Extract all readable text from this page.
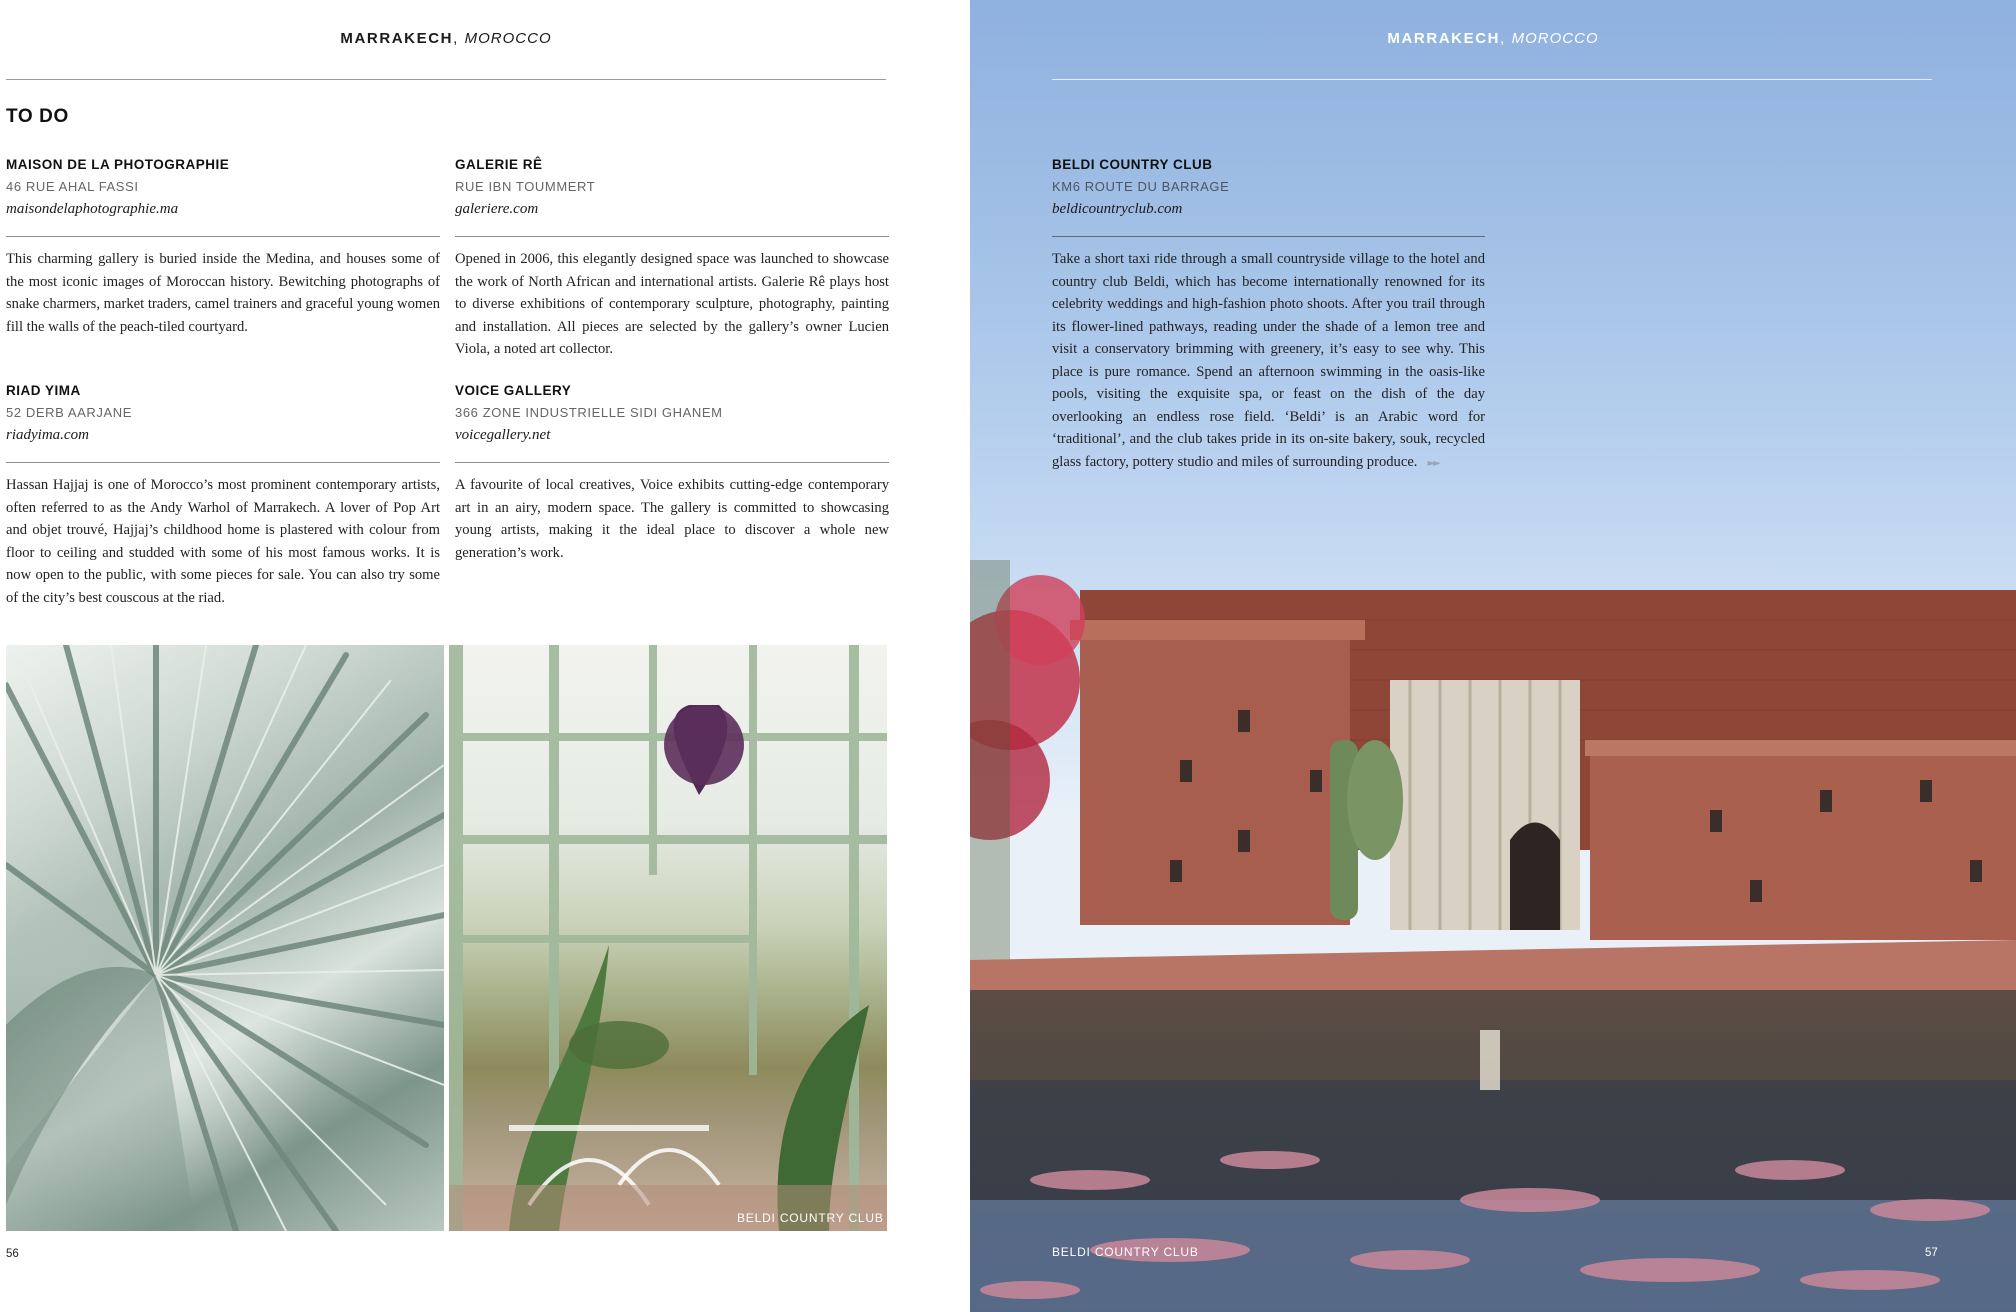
MARRAKECH, MOROCCO
TO DO
MAISON DE LA PHOTOGRAPHIE
46 RUE AHAL FASSI
maisondelaphotographie.ma

This charming gallery is buried inside the Medina, and houses some of the most iconic images of Moroccan history. Bewitching photographs of snake charmers, market traders, camel trainers and graceful young women fill the walls of the peach-tiled courtyard.

GALERIE RÊ
RUE IBN TOUMMERT
galeriere.com

Opened in 2006, this elegantly designed space was launched to showcase the work of North African and international artists. Galerie Rê plays host to diverse exhibitions of contemporary sculpture, photography, painting and installation. All pieces are selected by the gallery’s owner Lucien Viola, a noted art collector.

RIAD YIMA
52 DERB AARJANE
riadyima.com

Hassan Hajjaj is one of Morocco’s most prominent contemporary artists, often referred to as the Andy Warhol of Marrakech. A lover of Pop Art and objet trouvé, Hajjaj’s childhood home is plastered with colour from floor to ceiling and studded with some of his most famous works. It is now open to the public, with some pieces for sale. You can also try some of the city’s best couscous at the riad.

VOICE GALLERY
366 ZONE INDUSTRIELLE SIDI GHANEM
voicegallery.net

A favourite of local creatives, Voice exhibits cutting-edge contemporary art in an airy, modern space. The gallery is committed to showcasing young artists, making it the ideal place to discover a whole new generation’s work.

BELDI COUNTRY CLUB
56
MARRAKECH, MOROCCO
BELDI COUNTRY CLUB
KM6 ROUTE DU BARRAGE
beldicountryclub.com

Take a short taxi ride through a small countryside village to the hotel and country club Beldi, which has become internationally renowned for its celebrity weddings and high-fashion photo shoots. After you trail through its flower-lined pathways, reading under the shade of a lemon tree and visit a conservatory brimming with greenery, it’s easy to see why. This place is pure romance. Spend an afternoon swimming in the oasis-like pools, visiting the exquisite spa, or feast on the dish of the day overlooking an endless rose field. ‘Beldi’ is an Arabic word for ‘traditional’, and the club takes pride in its on-site bakery, souk, recycled glass factory, pottery studio and miles of surrounding produce. ►►

BELDI COUNTRY CLUB	57
